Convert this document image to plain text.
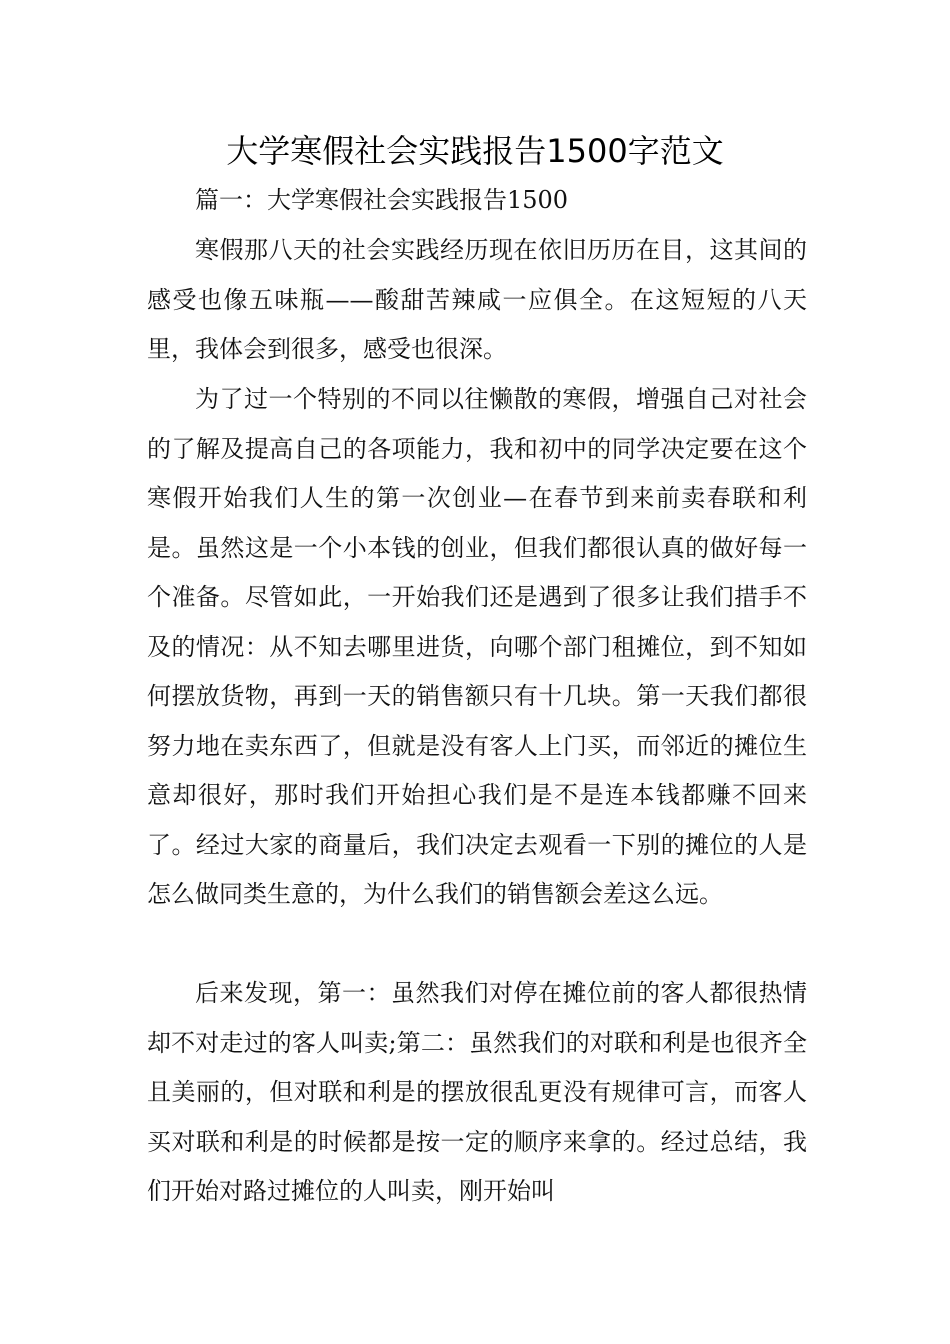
大学寒假社会实践报告1500字范文

篇一：大学寒假社会实践报告1500

寒假那八天的社会实践经历现在依旧历历在目，这其间的感受也像五味瓶——酸甜苦辣咸一应俱全。在这短短的八天里，我体会到很多，感受也很深。

为了过一个特别的不同以往懒散的寒假，增强自己对社会的了解及提高自己的各项能力，我和初中的同学决定要在这个寒假开始我们人生的第一次创业—在春节到来前卖春联和利是。虽然这是一个小本钱的创业，但我们都很认真的做好每一个准备。尽管如此，一开始我们还是遇到了很多让我们措手不及的情况：从不知去哪里进货，向哪个部门租摊位，到不知如何摆放货物，再到一天的销售额只有十几块。第一天我们都很努力地在卖东西了，但就是没有客人上门买，而邻近的摊位生意却很好，那时我们开始担心我们是不是连本钱都赚不回来了。经过大家的商量后，我们决定去观看一下别的摊位的人是怎么做同类生意的，为什么我们的销售额会差这么远。

后来发现，第一：虽然我们对停在摊位前的客人都很热情却不对走过的客人叫卖;第二：虽然我们的对联和利是也很齐全且美丽的，但对联和利是的摆放很乱更没有规律可言，而客人买对联和利是的时候都是按一定的顺序来拿的。经过总结，我们开始对路过摊位的人叫卖，刚开始叫
